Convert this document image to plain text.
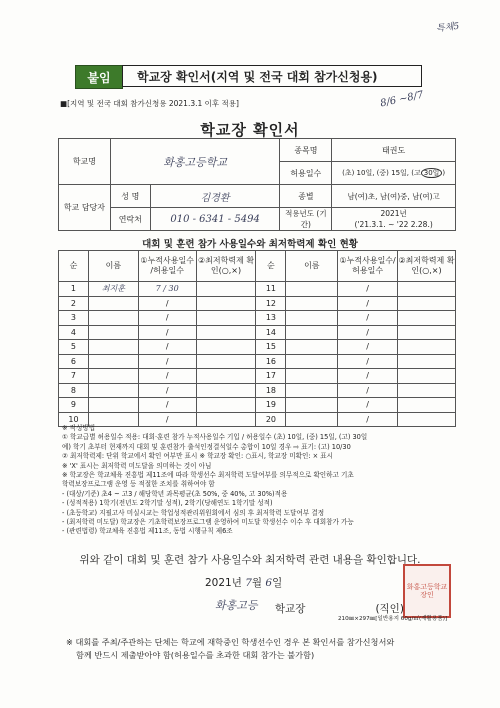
특체5
붙임	학교장 확인서(지역 및 전국 대회 참가신청용)
■[지역 및 전국 대회 참가신청용 2021.3.1 이후 적용]	8/6 ~8/7
학교장 확인서
학교명	화홍고등학교		종목명	태권도
			허용일수	(초) 10일, (중) 15일, (고 30일 )
학교 담당자	성 명	김경환	종별	남(여)초, 남(여)중, 남(여)고
	연락처	010 - 6341 - 5494	적용년도 (기간)	2021년
('21.3.1. ~ '22 2.28.)
대회 및 훈련 참가 사용일수와 최저학력제 확인 현황
순	이름	①누적사용일수 /허용일수	②최저학력제 확인(○,×)	순	이름	①누적사용일수/ 허용일수	②최저학력제 확인(○,×)
1	최지훈	7 / 30		11		/	
2		/		12		/	
3		/		13		/	
4		/		14		/	
5		/		15		/	
6		/		16		/	
7		/		17		/	
8		/		18		/	
9		/		19		/	
10		/		20		/	
※ 작성방법
① 학교급별 허용일수 적용: 대회·훈련 참가 누적사용일수 기입 / 허용일수 (초) 10일, (중) 15일, (고) 30일
예) 학기 초부터 현재까지 대회 및 훈련참가 출석인정결석일수 총합이 10일 경우 ⇨ 표기: (고) 10/30
② 최저학력제: 단위 학교에서 확인 여부만 표시 ※ 학교장 확인: ○표시, 학교장 미확인: × 표시
※ 'X' 표시는 최저학력 미도달을 의미하는 것이 아님
※ 학교장은 학교체육 진흥법 제11조에 따라 학생선수 최저학력 도달여부를 의무적으로 확인하고 기초
학력보장프로그램 운영 등 적절한 조치를 취하여야 함
- (대상/기준) 초4 ~ 고3 / 해당학년 과목평균(초 50%, 중 40%, 고 30%)적용
- (성적적용) 1학기(전년도 2학기말 성적), 2학기(당해연도 1학기말 성적)
- (초등학교) 지필고사 미실시교는 학업성적관리위원회에서 심의 후 최저학력 도달여부 결정
- (최저학력 미도달) 학교장은 기초학력보장프로그램 운영하여 미도달 학생선수 이수 후 대회참가 가능
- (관련법령) 학교체육 진흥법 제11조, 동법 시행규칙 제6조
위와 같이 대회 및 훈련 참가 사용일수와 최저학력 관련 내용을 확인합니다.
2021년 7월 6일
화홍고등 학교장	(직인)
화홍고등학교장인
210㎜×297㎜[일반용지 60g/㎡(재활용품)]
※ 대회를 주최/주관하는 단체는 학교에 재학중인 학생선수인 경우 본 확인서를 참가신청서와
함께 반드시 제출받아야 함(허용일수를 초과한 대회 참가는 불가함)
